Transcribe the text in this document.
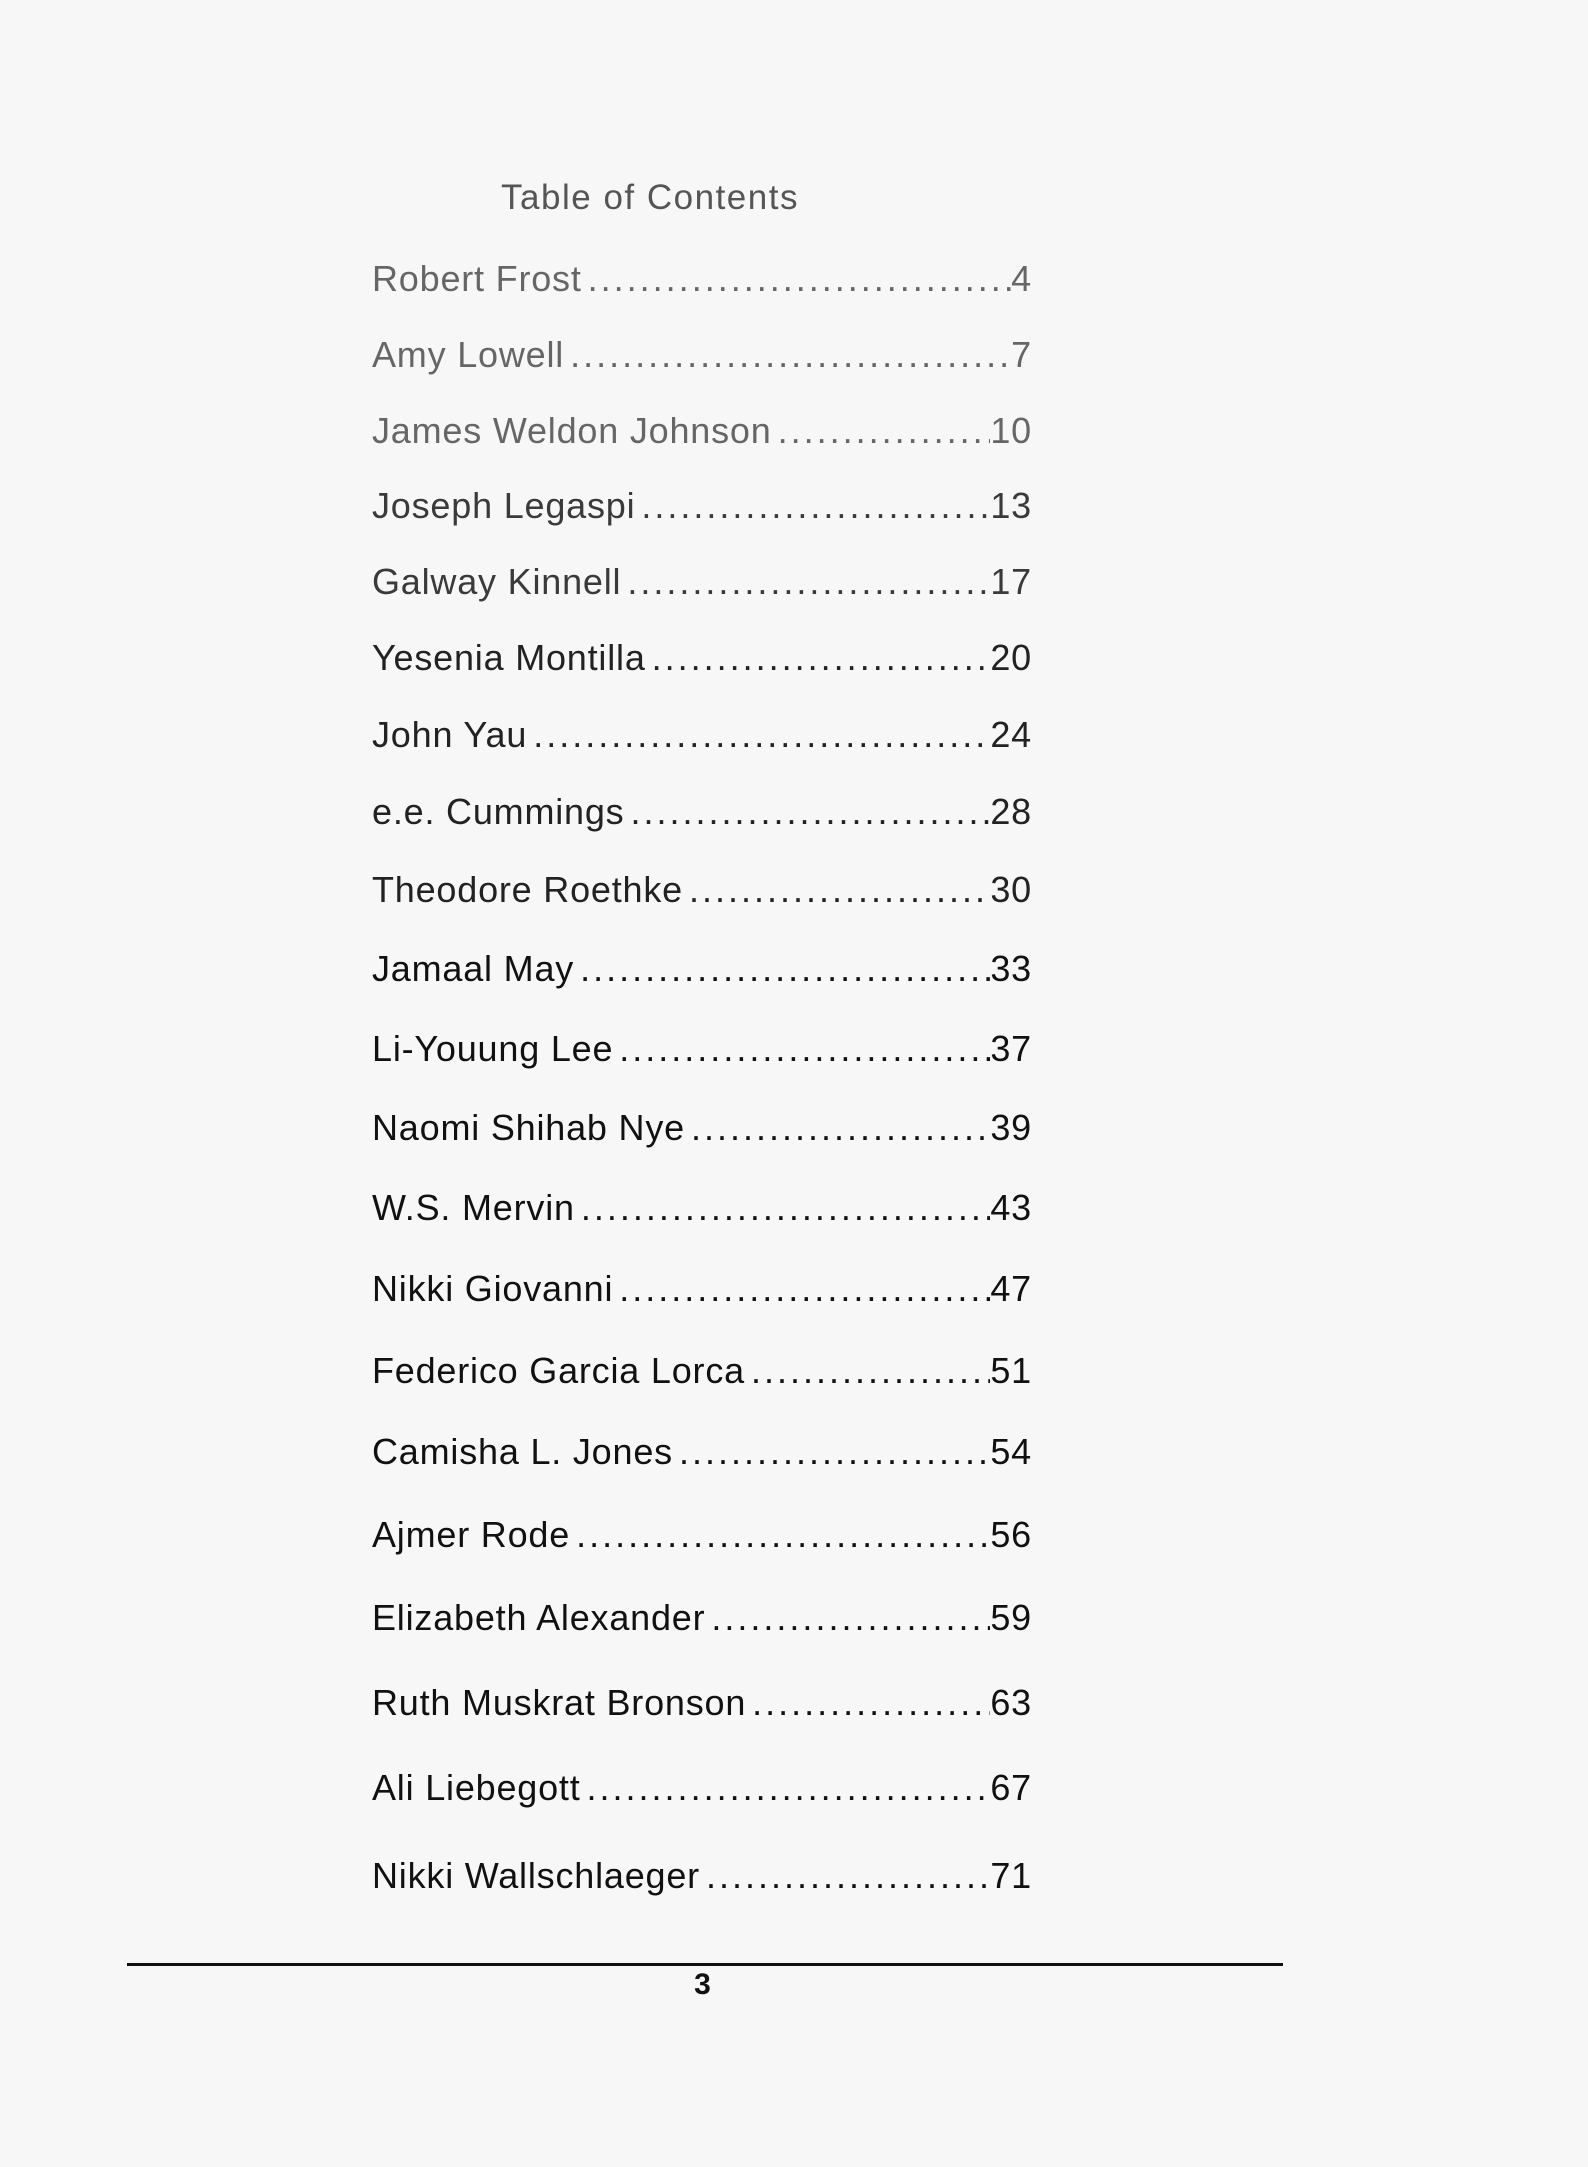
Table of Contents
Robert Frost .....	4
Amy Lowell .....	7
James Weldon Johnson .....	10
Joseph Legaspi .....	13
Galway Kinnell .....	17
Yesenia Montilla .....	20
John Yau .....	24
e.e. Cummings .....	28
Theodore Roethke .....	30
Jamaal May .....	33
Li-Youung Lee .....	37
Naomi Shihab Nye .....	39
W.S. Mervin .....	43
Nikki Giovanni .....	47
Federico Garcia Lorca .....	51
Camisha L. Jones .....	54
Ajmer Rode .....	56
Elizabeth Alexander .....	59
Ruth Muskrat Bronson .....	63
Ali Liebegott .....	67
Nikki Wallschlaeger .....	71
3
